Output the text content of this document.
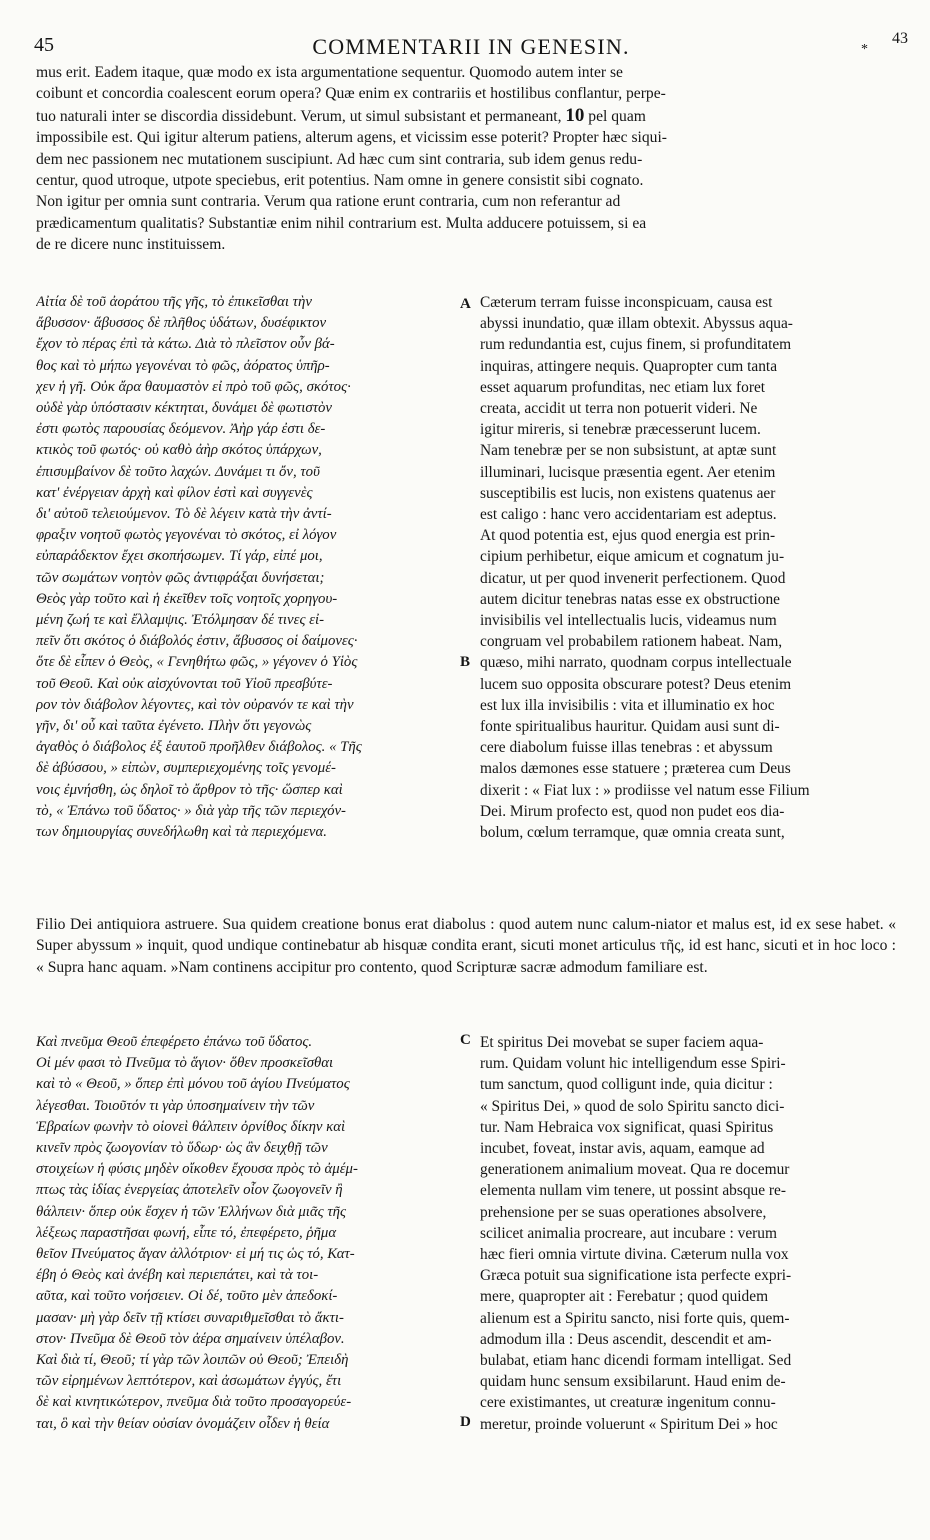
45	COMMENTARII IN GENESIN.	*
43
mus erit. Eadem itaque, quæ modo ex ista argumentatione sequentur. Quomodo autem inter se
coibunt et concordia coalescent eorum opera? Quæ enim ex contrariis et hostilibus conflantur, perpe-
tuo naturali inter se discordia dissidebunt. Verum, ut simul subsistant et permaneant, 10 pel quam
impossibile est. Qui igitur alterum patiens, alterum agens, et vicissim esse poterit? Propter hæc siqui-
dem nec passionem nec mutationem suscipiunt. Ad hæc cum sint contraria, sub idem genus redu-
centur, quod utroque, utpote speciebus, erit potentius. Nam omne in genere consistit sibi cognato.
Non igitur per omnia sunt contraria. Verum qua ratione erunt contraria, cum non referantur ad
prædicamentum qualitatis? Substantiæ enim nihil contrarium est. Multa adducere potuissem, si ea
de re dicere nunc instituissem.
A
B
C
D
Αἰτία δὲ τοῦ ἀοράτου τῆς γῆς, τὸ ἐπικεῖσθαι τὴν
ἄβυσσον· ἄβυσσος δὲ πλῆθος ὑδάτων, δυσέφικτον
ἔχον τὸ πέρας ἐπὶ τὰ κάτω. Διὰ τὸ πλεῖστον οὖν βά-
θος καὶ τὸ μήπω γεγονέναι τὸ φῶς, ἀόρατος ὑπῆρ-
χεν ἡ γῆ. Οὐκ ἄρα θαυμαστὸν εἰ πρὸ τοῦ φῶς, σκότος·
οὐδὲ γὰρ ὑπόστασιν κέκτηται, δυνάμει δὲ φωτιστὸν
ἐστι φωτὸς παρουσίας δεόμενον. Ἀὴρ γάρ ἐστι δε-
κτικὸς τοῦ φωτός· οὐ καθὸ ἀὴρ σκότος ὑπάρχων,
ἐπισυμβαίνον δὲ τοῦτο λαχών. Δυνάμει τι ὄν, τοῦ
κατ' ἐνέργειαν ἀρχὴ καὶ φίλον ἐστὶ καὶ συγγενὲς
δι' αὐτοῦ τελειούμενον. Τὸ δὲ λέγειν κατὰ τὴν ἀντί-
φραξιν νοητοῦ φωτὸς γεγονέναι τὸ σκότος, εἰ λόγον
εὐπαράδεκτον ἔχει σκοπήσωμεν. Τί γάρ, εἰπέ μοι,
τῶν σωμάτων νοητὸν φῶς ἀντιφράξαι δυνήσεται;
Θεὸς γὰρ τοῦτο καὶ ἡ ἐκεῖθεν τοῖς νοητοῖς χορηγου-
μένη ζωή τε καὶ ἔλλαμψις. Ἐτόλμησαν δέ τινες εἰ-
πεῖν ὅτι σκότος ὁ διάβολός ἐστιν, ἄβυσσος οἱ δαίμονες·
ὅτε δὲ εἶπεν ὁ Θεὸς, « Γενηθήτω φῶς, » γέγονεν ὁ Υἱὸς
τοῦ Θεοῦ. Καὶ οὐκ αἰσχύνονται τοῦ Υἱοῦ πρεσβύτε-
ρον τὸν διάβολον λέγοντες, καὶ τὸν οὐρανόν τε καὶ τὴν
γῆν, δι' οὗ καὶ ταῦτα ἐγένετο. Πλὴν ὅτι γεγονὼς
ἀγαθὸς ὁ διάβολος ἐξ ἑαυτοῦ προῆλθεν διάβολος. « Τῆς
δὲ ἀβύσσου, » εἰπὼν, συμπεριεχομένης τοῖς γενομέ-
νοις ἐμνήσθη, ὡς δηλοῖ τὸ ἄρθρον τὸ τῆς· ὥσπερ καὶ
τὸ, « Ἐπάνω τοῦ ὕδατος· » διὰ γὰρ τῆς τῶν περιεχόν-
των δημιουργίας συνεδήλωθη καὶ τὰ περιεχόμενα.
Cæterum terram fuisse inconspicuam, causa est
abyssi inundatio, quæ illam obtexit. Abyssus aqua-
rum redundantia est, cujus finem, si profunditatem
inquiras, attingere nequis. Quapropter cum tanta
esset aquarum profunditas, nec etiam lux foret
creata, accidit ut terra non potuerit videri. Ne
igitur mireris, si tenebræ præcesserunt lucem.
Nam tenebræ per se non subsistunt, at aptæ sunt
illuminari, lucisque præsentia egent. Aer etenim
susceptibilis est lucis, non existens quatenus aer
est caligo : hanc vero accidentariam est adeptus.
At quod potentia est, ejus quod energia est prin-
cipium perhibetur, eique amicum et cognatum ju-
dicatur, ut per quod invenerit perfectionem. Quod
autem dicitur tenebras natas esse ex obstructione
invisibilis vel intellectualis lucis, videamus num
congruam vel probabilem rationem habeat. Nam,
quæso, mihi narrato, quodnam corpus intellectuale
lucem suo opposita obscurare potest? Deus etenim
est lux illa invisibilis : vita et illuminatio ex hoc
fonte spiritualibus hauritur. Quidam ausi sunt di-
cere diabolum fuisse illas tenebras : et abyssum
malos dæmones esse statuere ; præterea cum Deus
dixerit : « Fiat lux : » prodiisse vel natum esse Filium
Dei. Mirum profecto est, quod non pudet eos dia-
bolum, cœlum terramque, quæ omnia creata sunt,
Filio Dei antiquiora astruere. Sua quidem creatione bonus erat diabolus : quod autem nunc calum-niator et malus est, id ex sese habet. « Super abyssum » inquit, quod undique continebatur ab hisquæ condita erant, sicuti monet articulus τῆς, id est hanc, sicuti et in hoc loco : « Supra hanc aquam. »Nam continens accipitur pro contento, quod Scripturæ sacræ admodum familiare est.
Καὶ πνεῦμα Θεοῦ ἐπεφέρετο ἐπάνω τοῦ ὕδατος.
Οἱ μέν φασι τὸ Πνεῦμα τὸ ἅγιον· ὅθεν προσκεῖσθαι
καὶ τὸ « Θεοῦ, » ὅπερ ἐπὶ μόνου τοῦ ἁγίου Πνεύματος
λέγεσθαι. Τοιοῦτόν τι γὰρ ὑποσημαίνειν τὴν τῶν
Ἑβραίων φωνὴν τὸ οἱονεὶ θάλπειν ὀρνίθος δίκην καὶ
κινεῖν πρὸς ζωογονίαν τὸ ὕδωρ· ὡς ἂν δειχθῇ τῶν
στοιχείων ἡ φύσις μηδὲν οἴκοθεν ἔχουσα πρὸς τὸ ἀμέμ-
πτως τὰς ἰδίας ἐνεργείας ἀποτελεῖν οἷον ζωογονεῖν ἢ
θάλπειν· ὅπερ οὐκ ἔσχεν ἡ τῶν Ἑλλήνων διὰ μιᾶς τῆς
λέξεως παραστῆσαι φωνή, εἶπε τό, ἐπεφέρετο, ῥῆμα
θεῖον Πνεύματος ἄγαν ἀλλότριον· εἰ μή τις ὡς τό, Κατ-
έβη ὁ Θεὸς καὶ ἀνέβη καὶ περιεπάτει, καὶ τὰ τοι-
αῦτα, καὶ τοῦτο νοήσειεν. Οἱ δέ, τοῦτο μὲν ἀπεδοκί-
μασαν· μὴ γὰρ δεῖν τῇ κτίσει συναριθμεῖσθαι τὸ ἄκτι-
στον· Πνεῦμα δὲ Θεοῦ τὸν ἀέρα σημαίνειν ὑπέλαβον.
Καὶ διὰ τί, Θεοῦ; τί γὰρ τῶν λοιπῶν οὐ Θεοῦ; Ἐπειδὴ
τῶν εἰρημένων λεπτότερον, καὶ ἀσωμάτων ἐγγύς, ἔτι
δὲ καὶ κινητικώτερον, πνεῦμα διὰ τοῦτο προσαγορεύε-
ται, ὃ καὶ τὴν θείαν οὐσίαν ὀνομάζειν οἶδεν ἡ θεία
Et spiritus Dei movebat se super faciem aqua-
rum. Quidam volunt hic intelligendum esse Spiri-
tum sanctum, quod colligunt inde, quia dicitur :
« Spiritus Dei, » quod de solo Spiritu sancto dici-
tur. Nam Hebraica vox significat, quasi Spiritus
incubet, foveat, instar avis, aquam, eamque ad
generationem animalium moveat. Qua re docemur
elementa nullam vim tenere, ut possint absque re-
prehensione per se suas operationes absolvere,
scilicet animalia procreare, aut incubare : verum
hæc fieri omnia virtute divina. Cæterum nulla vox
Græca potuit sua significatione ista perfecte expri-
mere, quapropter ait : Ferebatur ; quod quidem
alienum est a Spiritu sancto, nisi forte quis, quem-
admodum illa : Deus ascendit, descendit et am-
bulabat, etiam hanc dicendi formam intelligat. Sed
quidam hunc sensum exsibilarunt. Haud enim de-
cere existimantes, ut creaturæ ingenitum connu-
meretur, proinde voluerunt « Spiritum Dei » hoc
